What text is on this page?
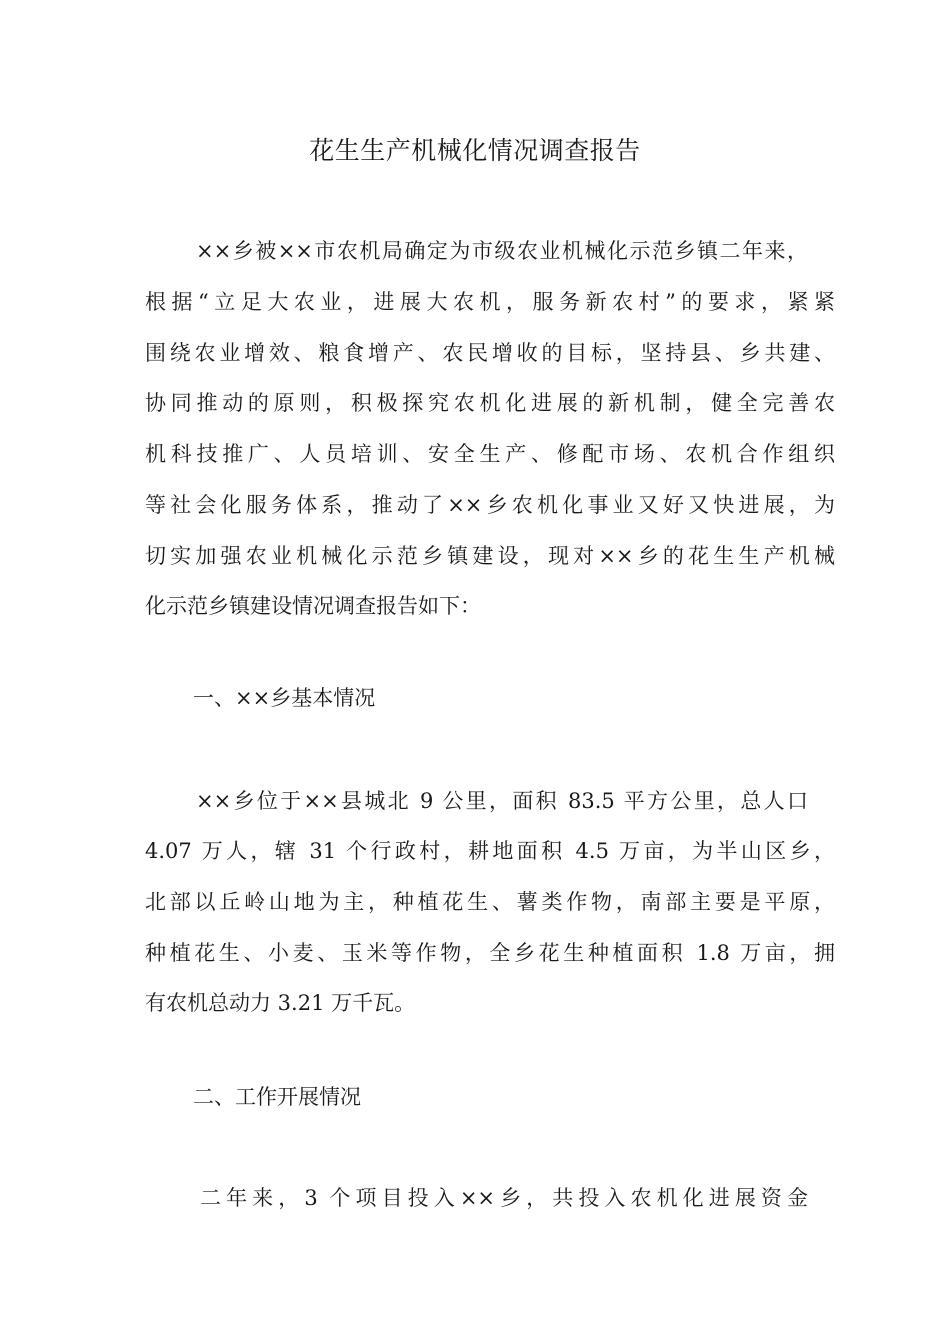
花生生产机械化情况调查报告

××乡被××市农机局确定为市级农业机械化示范乡镇二年来，

根据“立足大农业，进展大农机，服务新农村”的要求，紧紧

围绕农业增效、粮食增产、农民增收的目标，坚持县、乡共建、

协同推动的原则，积极探究农机化进展的新机制，健全完善农

机科技推广、人员培训、安全生产、修配市场、农机合作组织

等社会化服务体系，推动了××乡农机化事业又好又快进展，为

切实加强农业机械化示范乡镇建设，现对××乡的花生生产机械

化示范乡镇建设情况调查报告如下：

一、××乡基本情况

××乡位于××县城北 9 公里，面积 83.5 平方公里，总人口

4.07 万人，辖 31 个行政村，耕地面积 4.5 万亩，为半山区乡，

北部以丘岭山地为主，种植花生、薯类作物，南部主要是平原，

种植花生、小麦、玉米等作物，全乡花生种植面积 1.8 万亩，拥

有农机总动力 3.21 万千瓦。

二、工作开展情况

二年来，3 个项目投入××乡，共投入农机化进展资金
